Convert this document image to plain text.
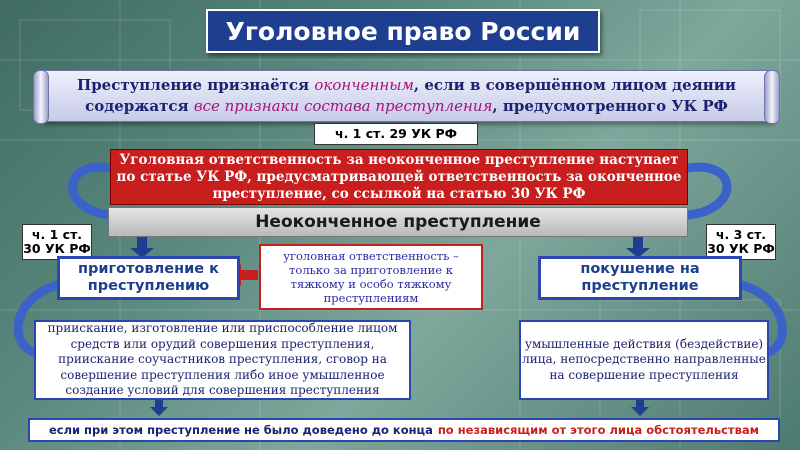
Уголовное право России
Преступление признаётся оконченным, если в совершённом лицом деянии содержатся все признаки состава преступления, предусмотренного УК РФ
ч. 1 ст. 29 УК РФ
Уголовная ответственность за неоконченное преступление наступает по статье УК РФ, предусматривающей ответственность за оконченное преступление, со ссылкой на статью 30 УК РФ
Неоконченное преступление
ч. 1 ст. 30 УК РФ
ч. 3 ст. 30 УК РФ
приготовление к преступлению
покушение на преступление
уголовная ответственность – только за приготовление к тяжкому и особо тяжкому преступлениям
приискание, изготовление или приспособление лицом средств или орудий совершения преступления, приискание соучастников преступления, сговор на совершение преступления либо иное умышленное создание условий для совершения преступления
умышленные действия (бездействие) лица, непосредственно направленные на совершение преступления
если при этом преступление не было доведено до конца по независящим от этого лица обстоятельствам
